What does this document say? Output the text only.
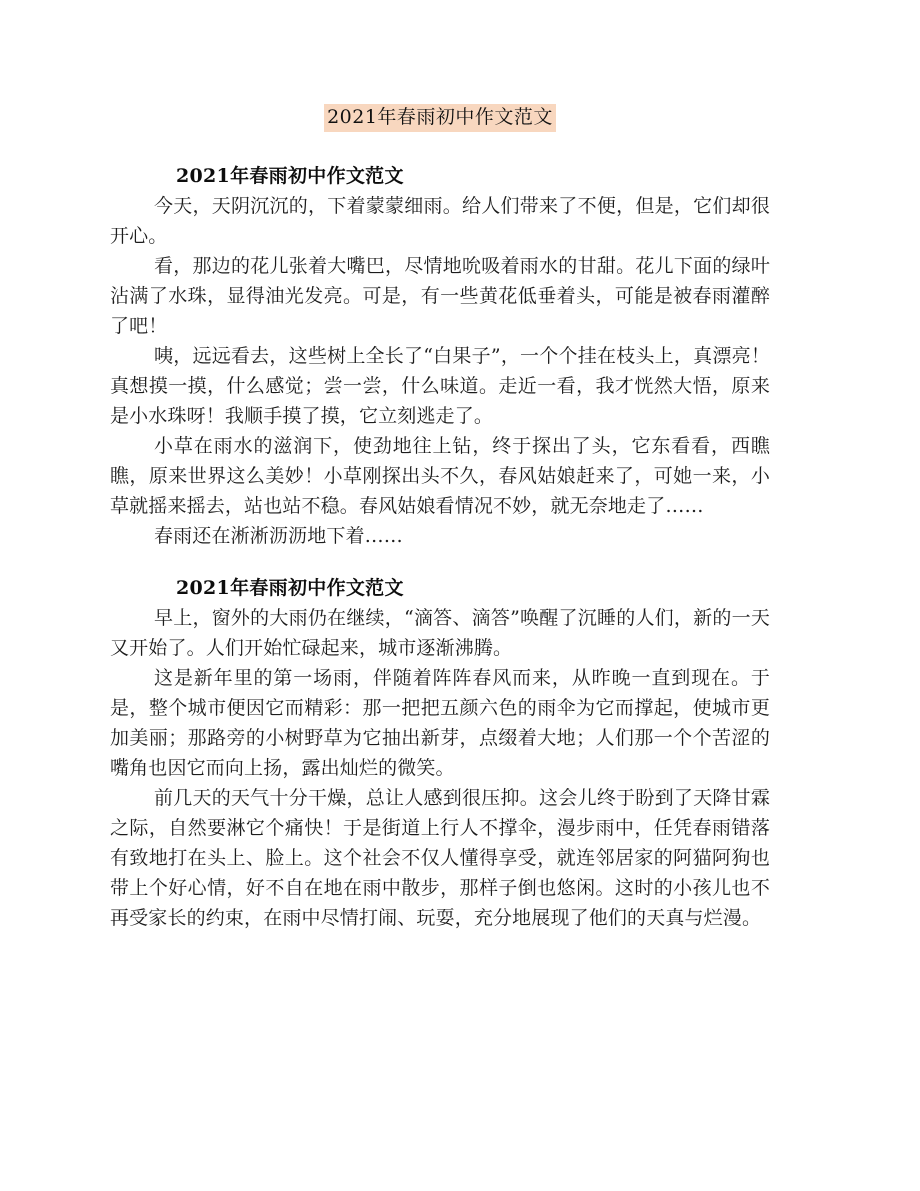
2021年春雨初中作文范文
2021年春雨初中作文范文

今天，天阴沉沉的，下着蒙蒙细雨。给人们带来了不便，但是，它们却很开心。

看，那边的花儿张着大嘴巴，尽情地吮吸着雨水的甘甜。花儿下面的绿叶沾满了水珠，显得油光发亮。可是，有一些黄花低垂着头，可能是被春雨灌醉了吧！

咦，远远看去，这些树上全长了“白果子”，一个个挂在枝头上，真漂亮！真想摸一摸，什么感觉；尝一尝，什么味道。走近一看，我才恍然大悟，原来是小水珠呀！我顺手摸了摸，它立刻逃走了。

小草在雨水的滋润下，使劲地往上钻，终于探出了头，它东看看，西瞧瞧，原来世界这么美妙！小草刚探出头不久，春风姑娘赶来了，可她一来，小草就摇来摇去，站也站不稳。春风姑娘看情况不妙，就无奈地走了……

春雨还在淅淅沥沥地下着……

2021年春雨初中作文范文

早上，窗外的大雨仍在继续，“滴答、滴答”唤醒了沉睡的人们，新的一天又开始了。人们开始忙碌起来，城市逐渐沸腾。

这是新年里的第一场雨，伴随着阵阵春风而来，从昨晚一直到现在。于是，整个城市便因它而精彩：那一把把五颜六色的雨伞为它而撑起，使城市更加美丽；那路旁的小树野草为它抽出新芽，点缀着大地；人们那一个个苦涩的嘴角也因它而向上扬，露出灿烂的微笑。

前几天的天气十分干燥，总让人感到很压抑。这会儿终于盼到了天降甘霖之际，自然要淋它个痛快！于是街道上行人不撑伞，漫步雨中，任凭春雨错落有致地打在头上、脸上。这个社会不仅人懂得享受，就连邻居家的阿猫阿狗也带上个好心情，好不自在地在雨中散步，那样子倒也悠闲。这时的小孩儿也不再受家长的约束，在雨中尽情打闹、玩耍，充分地展现了他们的天真与烂漫。
